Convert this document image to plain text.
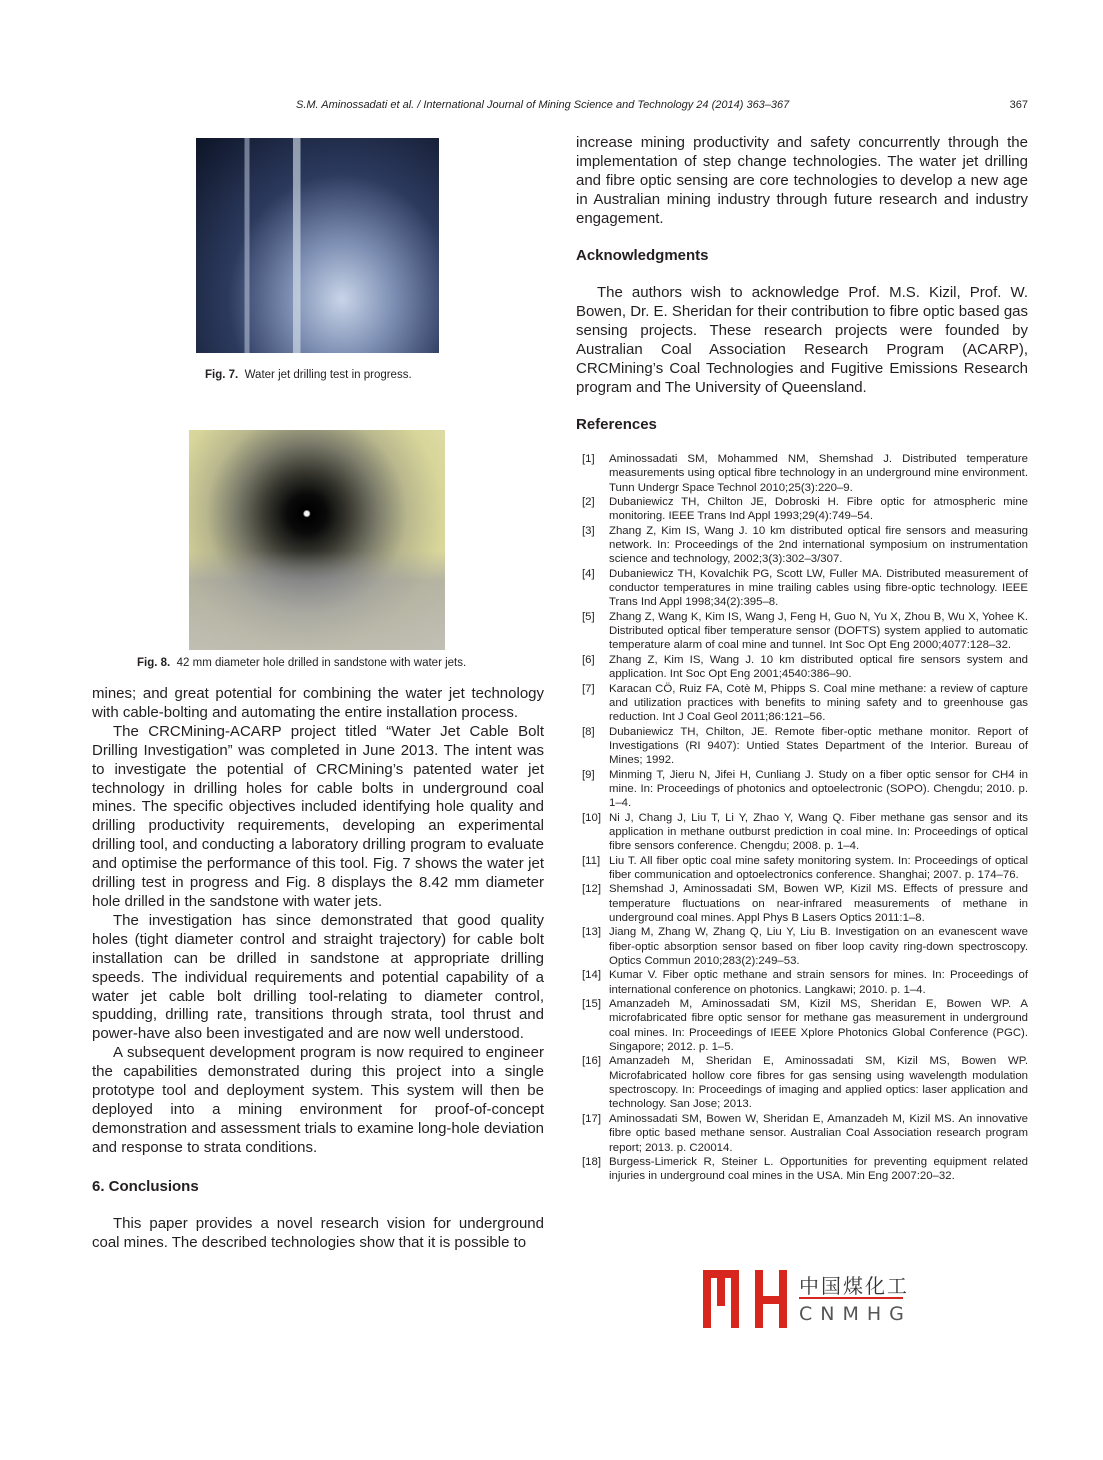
S.M. Aminossadati et al. / International Journal of Mining Science and Technology 24 (2014) 363–367	367
Fig. 7. Water jet drilling test in progress.
Fig. 8. 42 mm diameter hole drilled in sandstone with water jets.

mines; and great potential for combining the water jet technology with cable-bolting and automating the entire installation process.

The CRCMining-ACARP project titled “Water Jet Cable Bolt Drilling Investigation” was completed in June 2013. The intent was to investigate the potential of CRCMining’s patented water jet technology in drilling holes for cable bolts in underground coal mines. The specific objectives included identifying hole quality and drilling productivity requirements, developing an experimental drilling tool, and conducting a laboratory drilling program to evaluate and optimise the performance of this tool. Fig. 7 shows the water jet drilling test in progress and Fig. 8 displays the 8.42 mm diameter hole drilled in the sandstone with water jets.

The investigation has since demonstrated that good quality holes (tight diameter control and straight trajectory) for cable bolt installation can be drilled in sandstone at appropriate drilling speeds. The individual requirements and potential capability of a water jet cable bolt drilling tool-relating to diameter control, spudding, drilling rate, transitions through strata, tool thrust and power-have also been investigated and are now well understood.

A subsequent development program is now required to engineer the capabilities demonstrated during this project into a single prototype tool and deployment system. This system will then be deployed into a mining environment for proof-of-concept demonstration and assessment trials to examine long-hole deviation and response to strata conditions.

6. Conclusions

This paper provides a novel research vision for underground coal mines. The described technologies show that it is possible to

increase mining productivity and safety concurrently through the implementation of step change technologies. The water jet drilling and fibre optic sensing are core technologies to develop a new age in Australian mining industry through future research and industry engagement.

Acknowledgments

The authors wish to acknowledge Prof. M.S. Kizil, Prof. W. Bowen, Dr. E. Sheridan for their contribution to fibre optic based gas sensing projects. These research projects were founded by Australian Coal Association Research Program (ACARP), CRCMining’s Coal Technologies and Fugitive Emissions Research program and The University of Queensland.

References
[1] Aminossadati SM, Mohammed NM, Shemshad J. Distributed temperature measurements using optical fibre technology in an underground mine environment. Tunn Undergr Space Technol 2010;25(3):220–9.
[2] Dubaniewicz TH, Chilton JE, Dobroski H. Fibre optic for atmospheric mine monitoring. IEEE Trans Ind Appl 1993;29(4):749–54.
[3] Zhang Z, Kim IS, Wang J. 10 km distributed optical fire sensors and measuring network. In: Proceedings of the 2nd international symposium on instrumentation science and technology, 2002;3(3):302–3/307.
[4] Dubaniewicz TH, Kovalchik PG, Scott LW, Fuller MA. Distributed measurement of conductor temperatures in mine trailing cables using fibre-optic technology. IEEE Trans Ind Appl 1998;34(2):395–8.
[5] Zhang Z, Wang K, Kim IS, Wang J, Feng H, Guo N, Yu X, Zhou B, Wu X, Yohee K. Distributed optical fiber temperature sensor (DOFTS) system applied to automatic temperature alarm of coal mine and tunnel. Int Soc Opt Eng 2000;4077:128–32.
[6] Zhang Z, Kim IS, Wang J. 10 km distributed optical fire sensors system and application. Int Soc Opt Eng 2001;4540:386–90.
[7] Karacan CÖ, Ruiz FA, Cotè M, Phipps S. Coal mine methane: a review of capture and utilization practices with benefits to mining safety and to greenhouse gas reduction. Int J Coal Geol 2011;86:121–56.
[8] Dubaniewicz TH, Chilton, JE. Remote fiber-optic methane monitor. Report of Investigations (RI 9407): Untied States Department of the Interior. Bureau of Mines; 1992.
[9] Minming T, Jieru N, Jifei H, Cunliang J. Study on a fiber optic sensor for CH4 in mine. In: Proceedings of photonics and optoelectronic (SOPO). Chengdu; 2010. p. 1–4.
[10] Ni J, Chang J, Liu T, Li Y, Zhao Y, Wang Q. Fiber methane gas sensor and its application in methane outburst prediction in coal mine. In: Proceedings of optical fibre sensors conference. Chengdu; 2008. p. 1–4.
[11] Liu T. All fiber optic coal mine safety monitoring system. In: Proceedings of optical fiber communication and optoelectronics conference. Shanghai; 2007. p. 174–76.
[12] Shemshad J, Aminossadati SM, Bowen WP, Kizil MS. Effects of pressure and temperature fluctuations on near-infrared measurements of methane in underground coal mines. Appl Phys B Lasers Optics 2011:1–8.
[13] Jiang M, Zhang W, Zhang Q, Liu Y, Liu B. Investigation on an evanescent wave fiber-optic absorption sensor based on fiber loop cavity ring-down spectroscopy. Optics Commun 2010;283(2):249–53.
[14] Kumar V. Fiber optic methane and strain sensors for mines. In: Proceedings of international conference on photonics. Langkawi; 2010. p. 1–4.
[15] Amanzadeh M, Aminossadati SM, Kizil MS, Sheridan E, Bowen WP. A microfabricated fibre optic sensor for methane gas measurement in underground coal mines. In: Proceedings of IEEE Xplore Photonics Global Conference (PGC). Singapore; 2012. p. 1–5.
[16] Amanzadeh M, Sheridan E, Aminossadati SM, Kizil MS, Bowen WP. Microfabricated hollow core fibres for gas sensing using wavelength modulation spectroscopy. In: Proceedings of imaging and applied optics: laser application and technology. San Jose; 2013.
[17] Aminossadati SM, Bowen W, Sheridan E, Amanzadeh M, Kizil MS. An innovative fibre optic based methane sensor. Australian Coal Association research program report; 2013. p. C20014.
[18] Burgess-Limerick R, Steiner L. Opportunities for preventing equipment related injuries in underground coal mines in the USA. Min Eng 2007:20–32.
中国煤化工
CNMHG
